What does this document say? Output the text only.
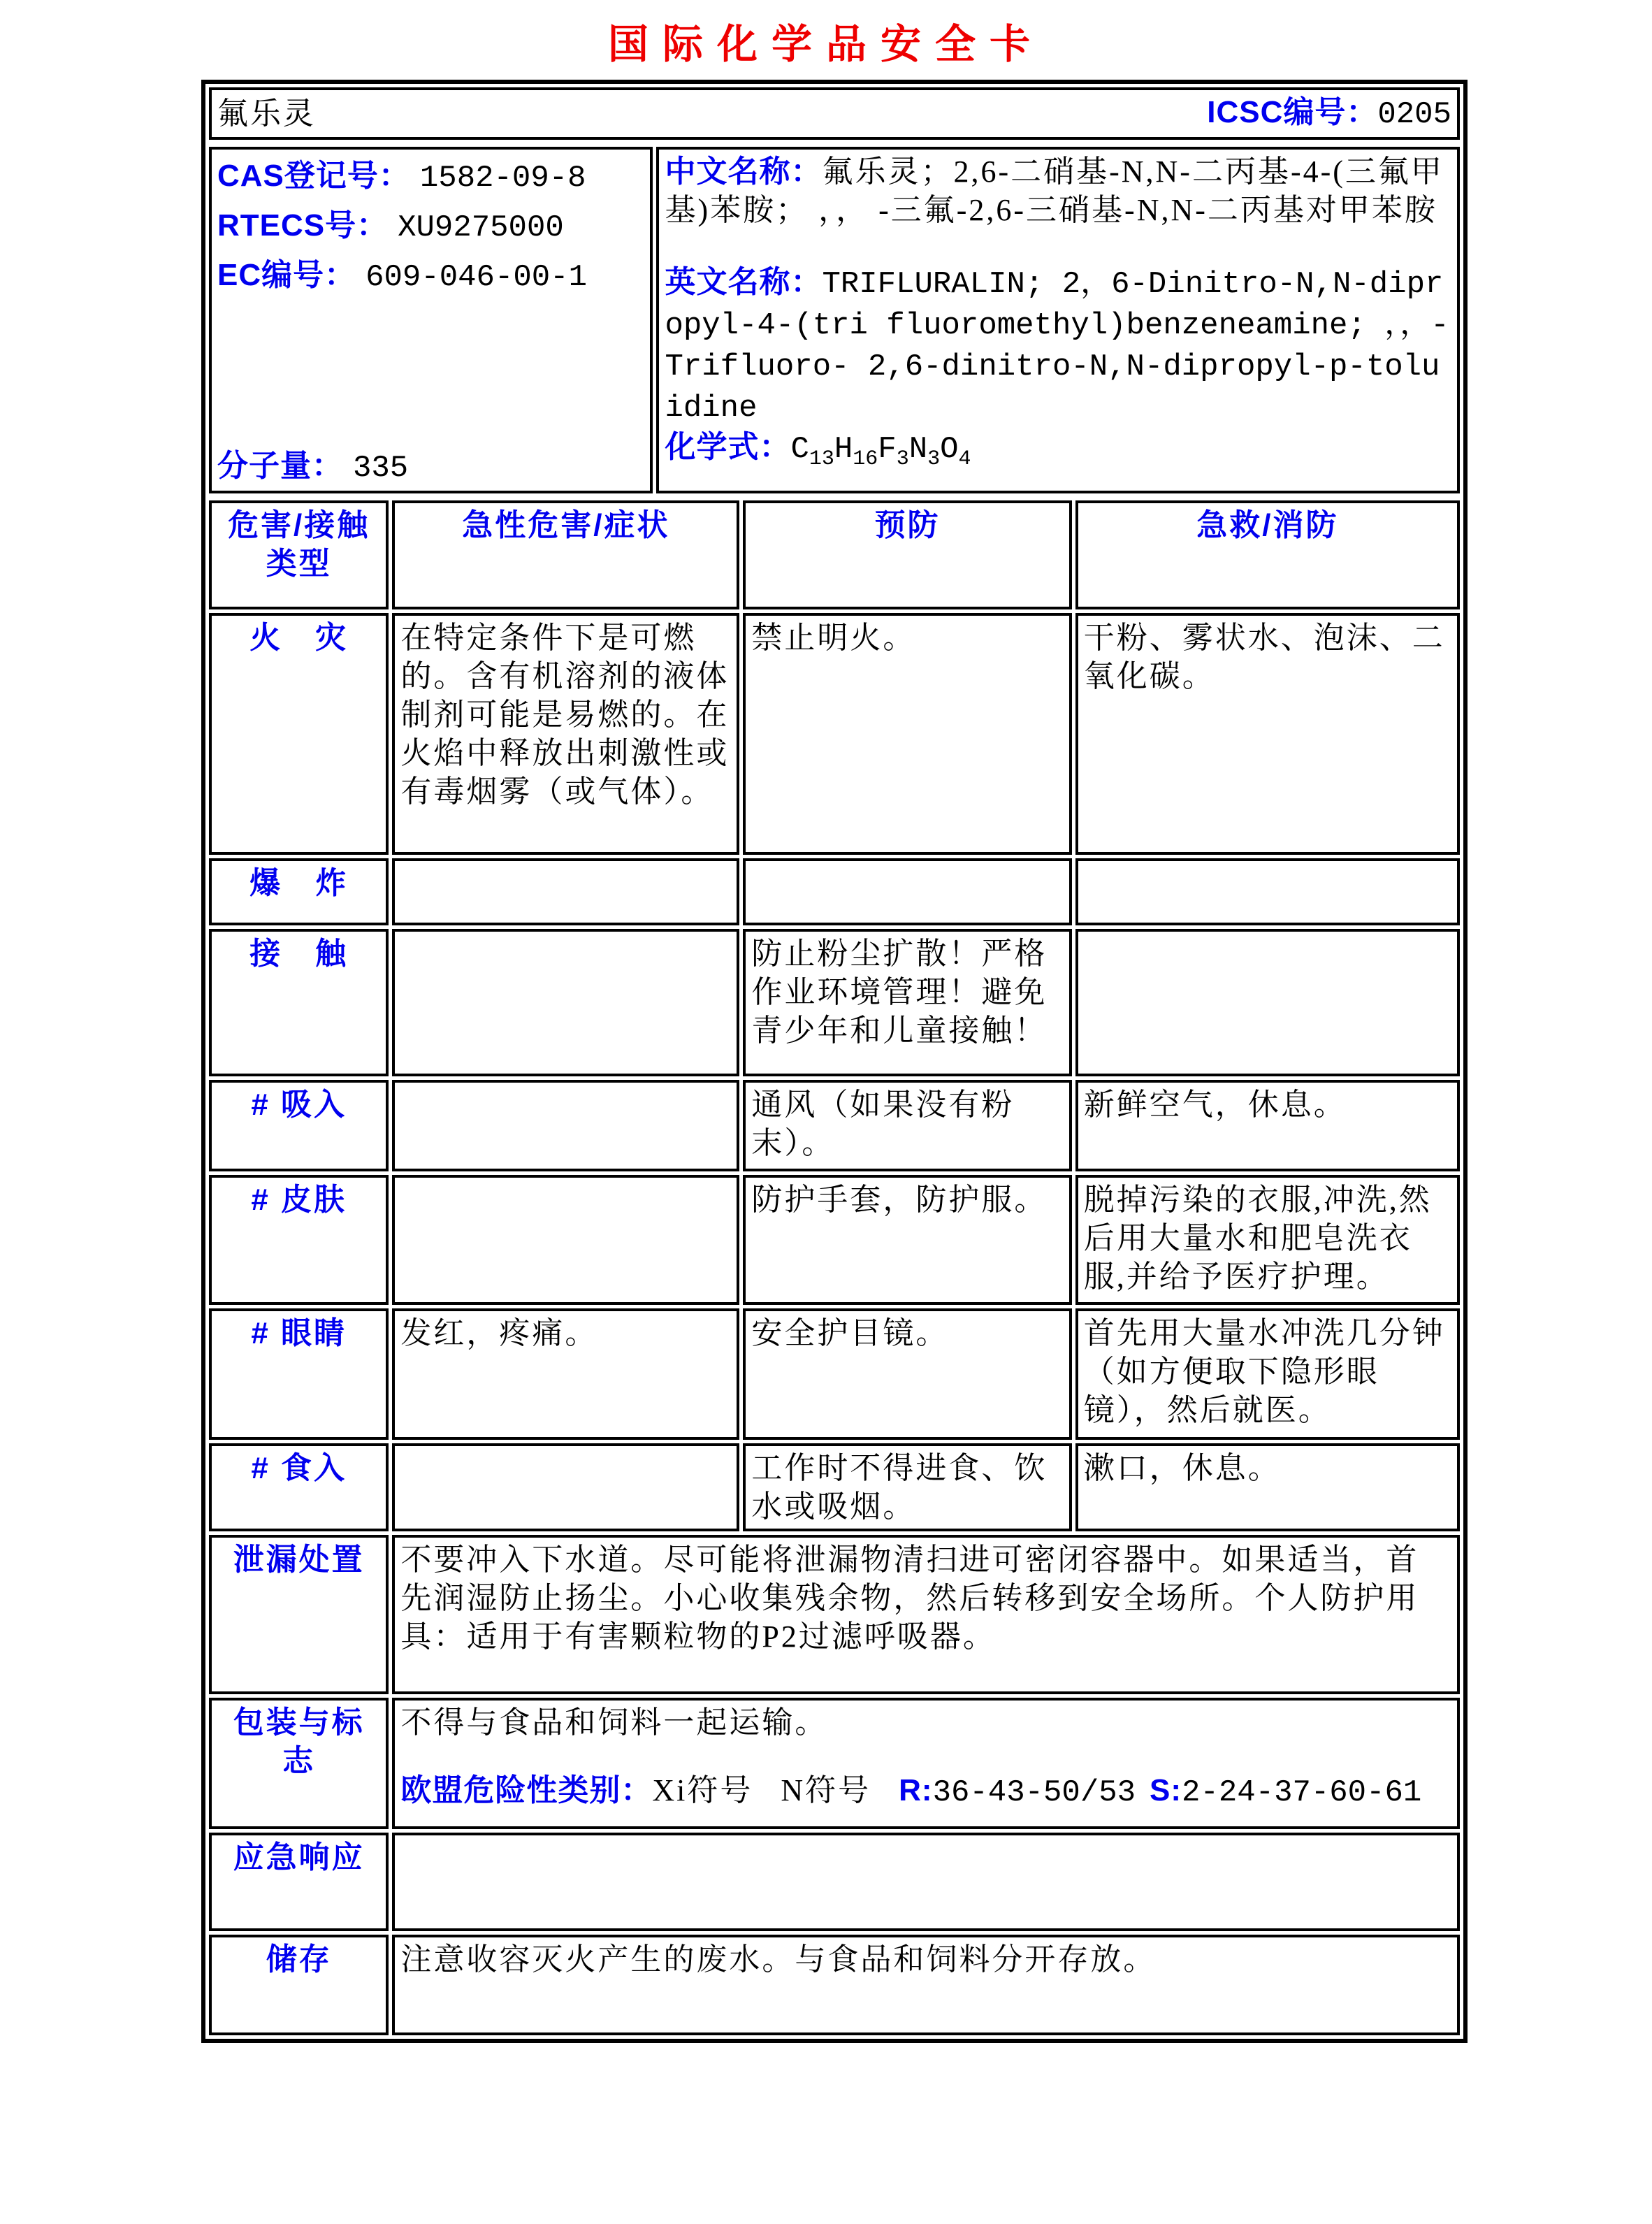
国际化学品安全卡
氟乐灵	ICSC编号：0205
CAS登记号： 1582-09-8
RTECS号： XU9275000
EC编号： 609-046-00-1
分子量： 335

中文名称：氟乐灵；2,6-二硝基-N,N-二丙基-4-(三氟甲基)苯胺； ，， -三氟-2,6-三硝基-N,N-二丙基对甲苯胺

英文名称：TRIFLURALIN; 2，6-Dinitro-N,N-dipropyl-4-(tri fluoromethyl)benzeneamine; ，，-Trifluoro- 2,6-dinitro-N,N-dipropyl-p-toluidine

化学式：$C_{13}H_{16}F_3N_3O_4$
危害/接触类型	急性危害/症状	预防	急救/消防
火　灾	在特定条件下是可燃的。含有机溶剂的液体制剂可能是易燃的。在火焰中释放出刺激性或有毒烟雾（或气体）。	禁止明火。	干粉、雾状水、泡沫、二氧化碳。
爆　炸			
接　触		防止粉尘扩散！严格作业环境管理！避免青少年和儿童接触！	
# 吸入		通风（如果没有粉末）。	新鲜空气，休息。
# 皮肤		防护手套，防护服。	脱掉污染的衣服,冲洗,然后用大量水和肥皂洗衣服,并给予医疗护理。
# 眼睛	发红，疼痛。	安全护目镜。	首先用大量水冲洗几分钟（如方便取下隐形眼镜），然后就医。
# 食入		工作时不得进食、饮水或吸烟。	漱口，休息。
泄漏处置	不要冲入下水道。尽可能将泄漏物清扫进可密闭容器中。如果适当，首先润湿防止扬尘。小心收集残余物，然后转移到安全场所。个人防护用具：适用于有害颗粒物的P2过滤呼吸器。		
包装与标志	不得与食品和饲料一起运输。
欧盟危险性类别：Xi符号 N符号 R:36-43-50/53 S:2-24-37-60-61		

应急响应			
储存	注意收容灭火产生的废水。与食品和饲料分开存放。		
